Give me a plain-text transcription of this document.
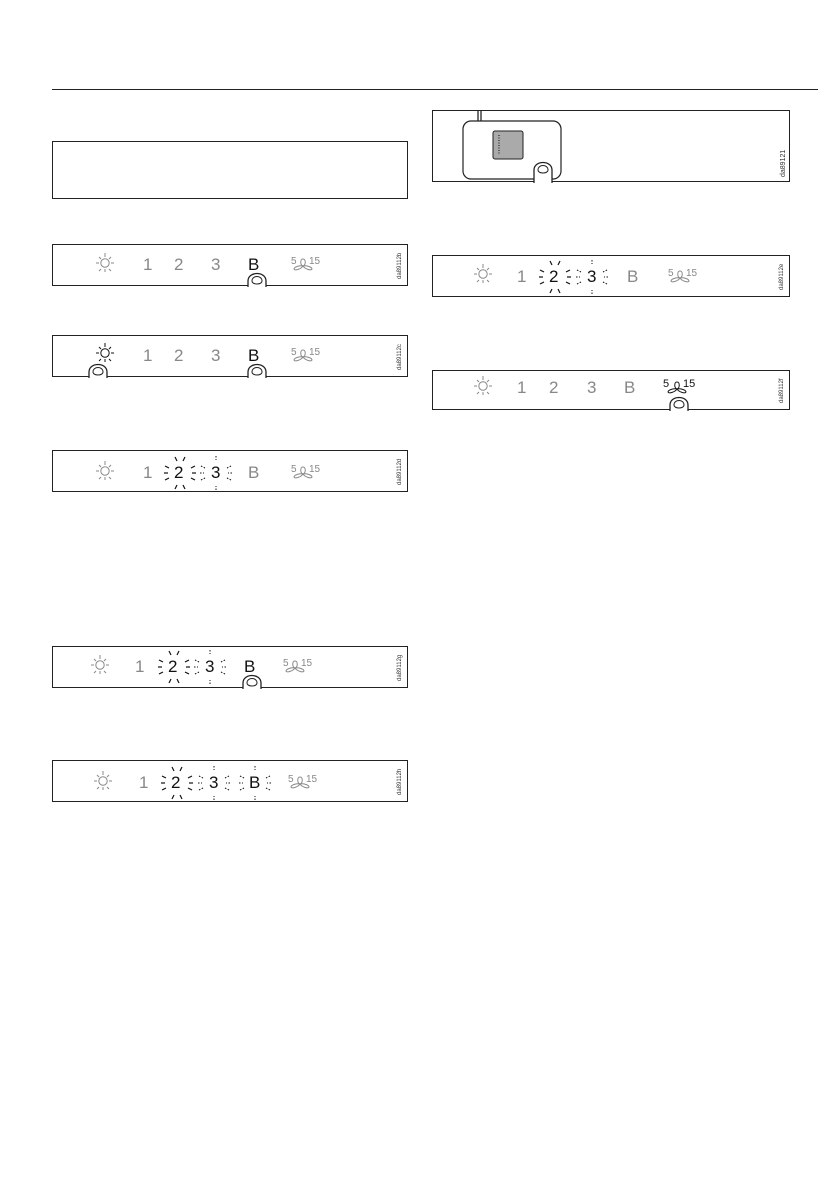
1 2 3 B	5 15	da89112b
1 2 3 B	5 15	da89112c
1 2 3 B	5 15	da89112d
1 2 3 B	5 15	da89112g
1 2 3 B	5 15	da89112h
da89121
1 2 3 B	5 15	da89112e
1 2 3 B	5 15	da89112f
